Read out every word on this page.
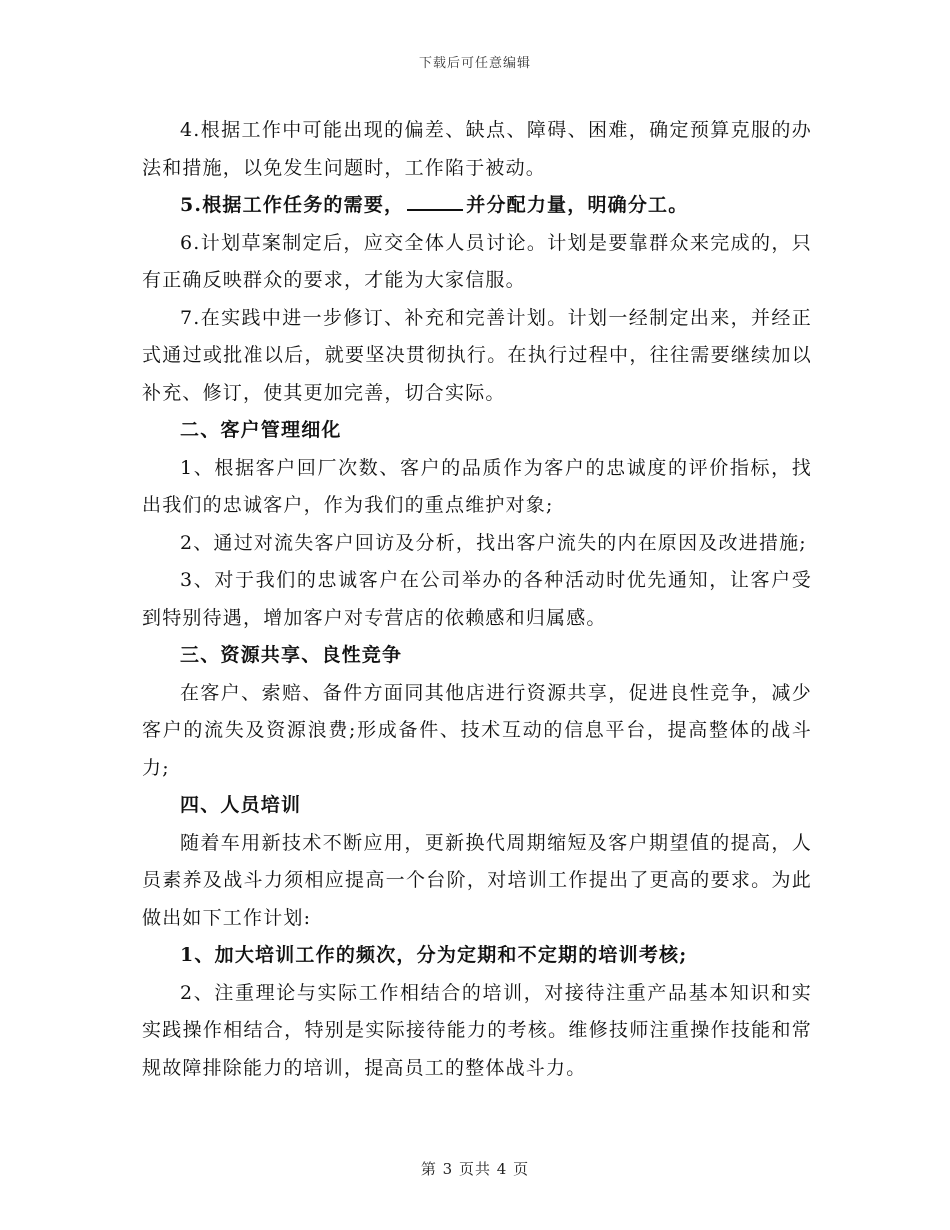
下载后可任意编辑

4.根据工作中可能出现的偏差、缺点、障碍、困难，确定预算克服的办法和措施，以免发生问题时，工作陷于被动。

5.根据工作任务的需要，	并分配力量，明确分工。

6.计划草案制定后，应交全体人员讨论。计划是要靠群众来完成的，只有正确反映群众的要求，才能为大家信服。

7.在实践中进一步修订、补充和完善计划。计划一经制定出来，并经正式通过或批准以后，就要坚决贯彻执行。在执行过程中，往往需要继续加以补充、修订，使其更加完善，切合实际。

二、客户管理细化

1、根据客户回厂次数、客户的品质作为客户的忠诚度的评价指标，找出我们的忠诚客户，作为我们的重点维护对象;

2、通过对流失客户回访及分析，找出客户流失的内在原因及改进措施;

3、对于我们的忠诚客户在公司举办的各种活动时优先通知，让客户受到特别待遇，增加客户对专营店的依赖感和归属感。

三、资源共享、良性竞争

在客户、索赔、备件方面同其他店进行资源共享，促进良性竞争，减少客户的流失及资源浪费;形成备件、技术互动的信息平台，提高整体的战斗力;

四、人员培训

随着车用新技术不断应用，更新换代周期缩短及客户期望值的提高，人员素养及战斗力须相应提高一个台阶，对培训工作提出了更高的要求。为此做出如下工作计划:

1、加大培训工作的频次，分为定期和不定期的培训考核;

2、注重理论与实际工作相结合的培训，对接待注重产品基本知识和实实践操作相结合，特别是实际接待能力的考核。维修技师注重操作技能和常规故障排除能力的培训，提高员工的整体战斗力。

第 3 页共 4 页
